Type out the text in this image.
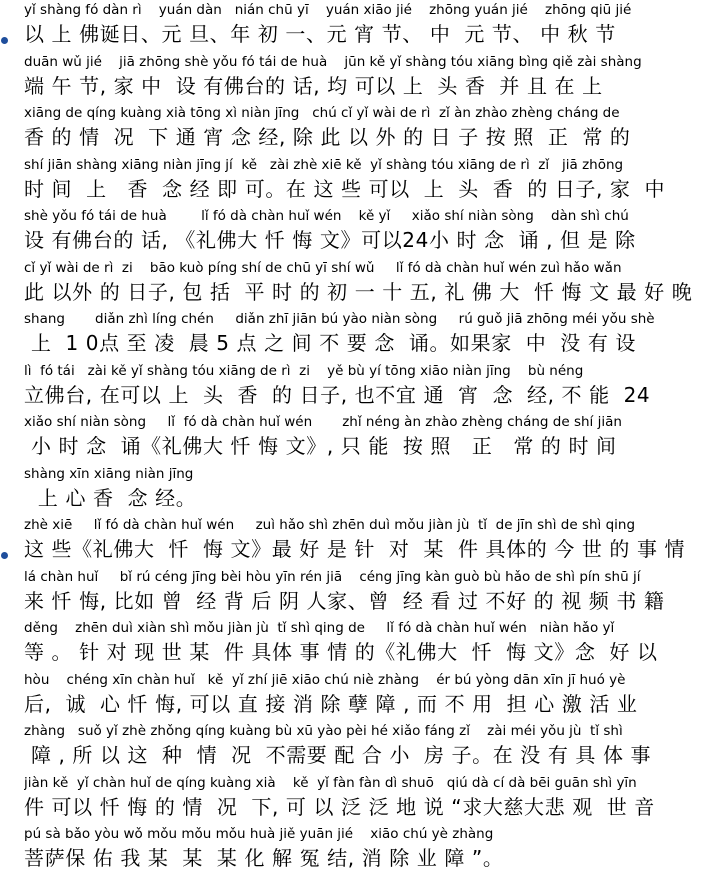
yǐ shàng fó dàn rì    yuán dàn   nián chū yī    yuán xiāo jié    zhōng yuán jié    zhōng qiū jié
以 上 佛诞日、元 旦、年 初 一、元 宵 节、 中  元 节、 中 秋 节
duān wǔ jié    jiā zhōng shè yǒu fó tái de huà    jūn kě yǐ shàng tóu xiāng bìng qiě zài shàng
端 午 节, 家 中  设 有佛台的 话, 均 可以 上  头 香  并 且 在 上
xiāng de qíng kuàng xià tōng xì niàn jīng   chú cǐ yǐ wài de rì  zǐ àn zhào zhèng cháng de
香 的 情  况  下 通 宵 念 经, 除 此 以 外 的 日 子 按 照  正  常 的
shí jiān shàng xiāng niàn jīng jí  kě   zài zhè xiē kě  yǐ shàng tóu xiāng de rì  zǐ   jiā zhōng
时 间  上   香  念 经 即 可。在 这 些 可以  上  头  香  的 日子, 家  中
shè yǒu fó tái de huà        lǐ fó dà chàn huǐ wén    kě yǐ     xiǎo shí niàn sòng    dàn shì chú
设 有佛台的 话, 《礼佛大 忏 悔 文》可以24小 时 念  诵 , 但 是 除
cǐ yǐ wài de rì  zi    bāo kuò píng shí de chū yī shí wǔ     lǐ fó dà chàn huǐ wén zuì hǎo wǎn
此 以外 的 日子, 包 括  平 时 的 初 一 十 五, 礼 佛 大  忏 悔 文 最 好 晚
shang       diǎn zhì líng chén     diǎn zhī jiān bú yào niàn sòng     rú guǒ jiā zhōng méi yǒu shè
上  1 0点 至 凌  晨 5 点 之 间 不 要 念  诵。如果家  中  没 有 设
lì  fó tái   zài kě yǐ shàng tóu xiāng de rì  zi    yě bù yí tōng xiāo niàn jīng    bù néng
立佛台, 在可以 上  头  香  的 日子, 也不宜 通  宵  念  经, 不 能  24
xiǎo shí niàn sòng     lǐ  fó dà chàn huǐ wén       zhǐ néng àn zhào zhèng cháng de shí jiān
小 时 念  诵《礼佛大 忏 悔 文》, 只 能  按 照   正   常 的 时 间
shàng xīn xiāng niàn jīng
上 心 香  念 经。
zhè xiē     lǐ fó dà chàn huǐ wén     zuì hǎo shì zhēn duì mǒu jiàn jù  tǐ  de jīn shì de shì qing
这 些《礼佛大  忏  悔 文》最 好 是 针  对  某  件 具体的 今 世 的 事 情
lá chàn huǐ     bǐ rú céng jīng bèi hòu yīn rén jiā    céng jīng kàn guò bù hǎo de shì pín shū jí
来 忏 悔, 比如 曾  经 背 后 阴 人家、曾  经 看 过 不好 的 视 频 书 籍
děng    zhēn duì xiàn shì mǒu jiàn jù  tǐ shì qing de     lǐ fó dà chàn huǐ wén   niàn hǎo yǐ
等 。 针 对 现 世 某  件 具体 事 情 的《礼佛大  忏  悔 文》念  好 以
hòu    chéng xīn chàn huǐ   kě  yǐ zhí jiē xiāo chú niè zhàng    ér bú yòng dān xīn jī huó yè
后,  诚  心 忏 悔, 可以 直 接 消 除 孽 障 , 而 不 用  担 心 激 活 业
zhàng   suǒ yǐ zhè zhǒng qíng kuàng bù xū yào pèi hé xiǎo fáng zǐ    zài méi yǒu jù  tǐ shì
障 , 所 以 这  种  情  况  不需要 配 合 小  房 子。在 没 有 具 体 事
jiàn kě  yǐ chàn huǐ de qíng kuàng xià    kě  yǐ fàn fàn dì shuō   qiú dà cí dà bēi guān shì yīn
件 可以 忏 悔 的 情  况  下, 可 以 泛 泛 地 说 “求大慈大悲 观  世 音
pú sà bǎo yòu wǒ mǒu mǒu mǒu huà jiě yuān jié    xiāo chú yè zhàng
菩萨保 佑 我 某  某  某 化 解 冤 结, 消 除 业 障 ”。
